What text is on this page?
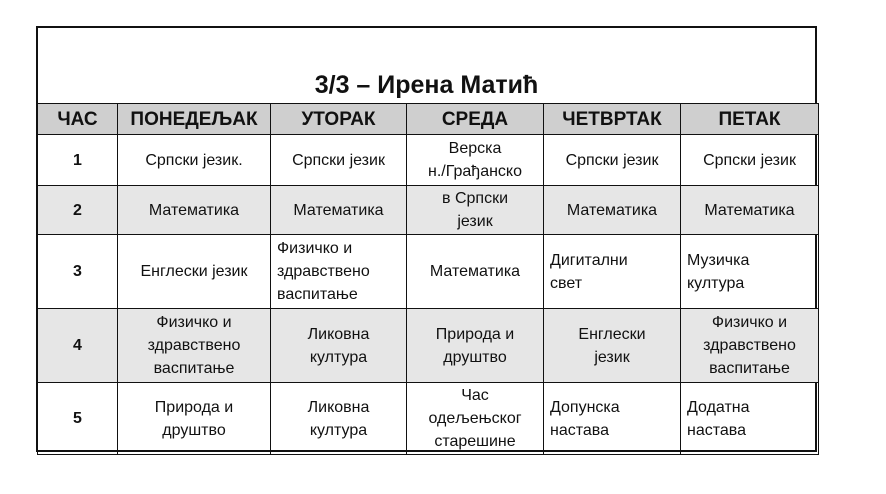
3/3 – Ирена Матић
ЧАС	ПОНЕДЕЉАК	УТОРАК	СРЕДА	ЧЕТВРТАК	ПЕТАК
1	Српски језик.	Српски језик	Верска
н./Грађанско	Српски језик	Српски језик

2	Математика	Математика	в Српски
језик	Математика	Математика

3	Енглески језик	Физичко и
здравствено
васпитање	Математика	Дигитални
свет	Музичка
култура

4	Физичко и
здравствено
васпитање	Ликовна
култура	Природа и
друштво	Енглески
језик	Физичко и
здравствено
васпитање

5	Природа и
друштво	Ликовна
култура	Час
одељењског
старешине	Допунска
настава	Додатна
настава
